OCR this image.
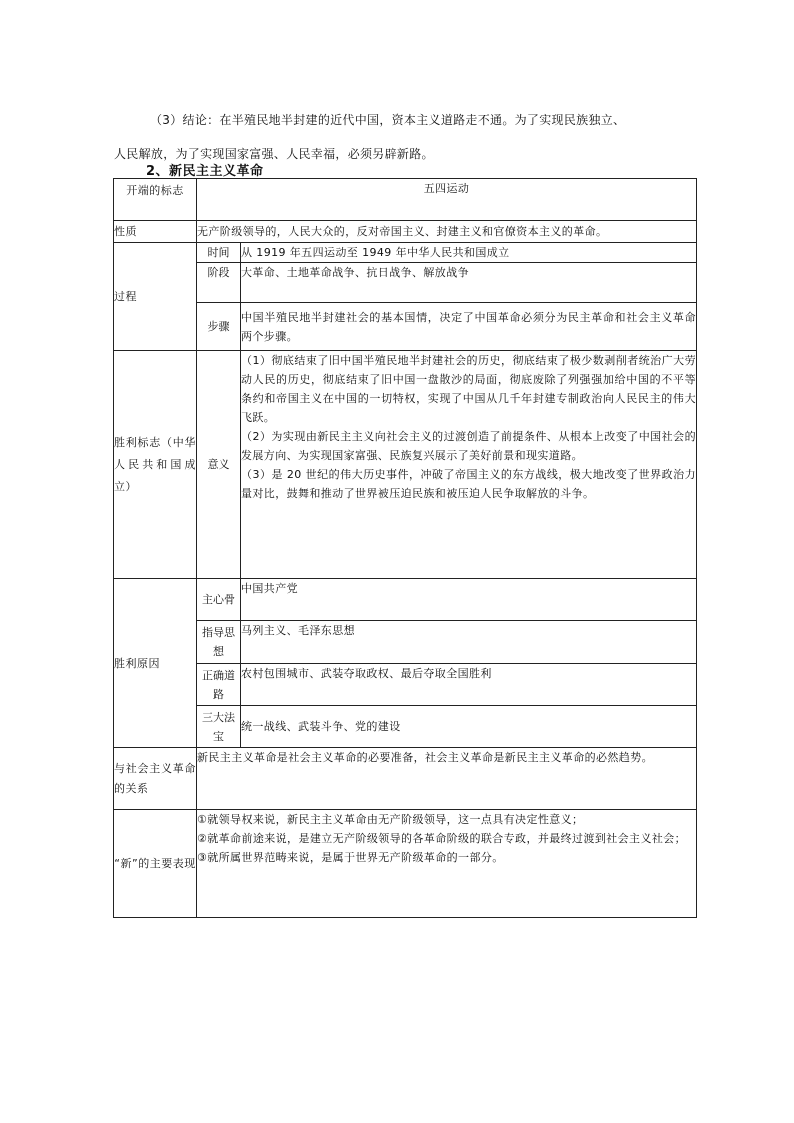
（3）结论：在半殖民地半封建的近代中国，资本主义道路走不通。为了实现民族独立、
人民解放，为了实现国家富强、人民幸福，必须另辟新路。
2、新民主主义革命
开端的标志	五四运动	
性质	无产阶级领导的，人民大众的，反对帝国主义、封建主义和官僚资本主义的革命。	
过程	时间	从 1919 年五四运动至 1949 年中华人民共和国成立
	阶段	大革命、土地革命战争、抗日战争、解放战争
	步骤	中国半殖民地半封建社会的基本国情，决定了中国革命必须分为民主革命和社会主义革命两个步骤。
胜利标志（中华人民共和国成立）	意义	（1）彻底结束了旧中国半殖民地半封建社会的历史，彻底结束了极少数剥削者统治广大劳动人民的历史，彻底结束了旧中国一盘散沙的局面，彻底废除了列强强加给中国的不平等条约和帝国主义在中国的一切特权，实现了中国从几千年封建专制政治向人民民主的伟大飞跃。
（2）为实现由新民主主义向社会主义的过渡创造了前提条件、从根本上改变了中国社会的发展方向、为实现国家富强、民族复兴展示了美好前景和现实道路。
（3）是 20 世纪的伟大历史事件，冲破了帝国主义的东方战线，极大地改变了世界政治力量对比，鼓舞和推动了世界被压迫民族和被压迫人民争取解放的斗争。

胜利原因	主心骨	中国共产党
	指导思想	马列主义、毛泽东思想
	正确道路	农村包围城市、武装夺取政权、最后夺取全国胜利
	三大法宝	统一战线、武装斗争、党的建设
与社会主义革命的关系	新民主主义革命是社会主义革命的必要准备，社会主义革命是新民主主义革命的必然趋势。	
“新”的主要表现	①就领导权来说，新民主主义革命由无产阶级领导，这一点具有决定性意义；
②就革命前途来说，是建立无产阶级领导的各革命阶级的联合专政，并最终过渡到社会主义社会；
③就所属世界范畴来说，是属于世界无产阶级革命的一部分。	
